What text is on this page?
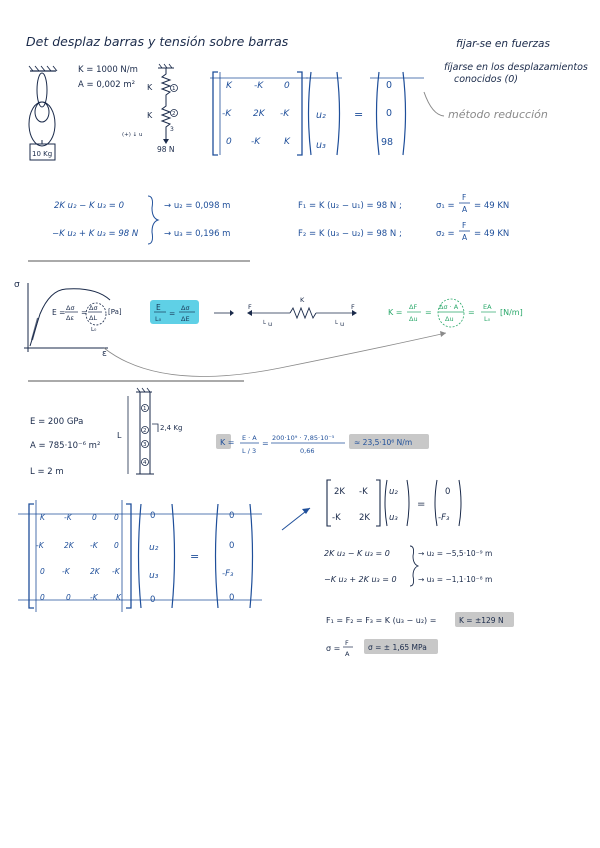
Det desplaz barras y tensión sobre barras	fijar-se en fuerzas
fíjarse en los desplazamientos
conocidos (0)
método reducción
10 Kg
K = 1000 N/m
A = 0,002 m² K
K
1
2
3
(+) ↓ u
98 N
K -K 0
-K 2K -K
0 -K	K
u₂
u₃
=
0
0
98
2K u₂ − K u₃ = 0
−K u₂ + K u₃ = 98 N
→ u₂ = 0,098 m
→ u₃ = 0,196 m
F₁ = K (u₂ − u₁) = 98 N ;
F₂ = K (u₃ − u₂) = 98 N ;
σ₁ =
F
A = 49 KN
σ₂ =
F
A = 49 KN
σ
ε
E = Δσ
Δε
= Δσ
ΔL
L₀
[Pa]	E
L₀
=
Δσ
ΔE
F	F
K
└ u	└ u
K =
ΔF
Δu
=
Δσ · A
Δu
=
EA
L₀
[N/m]
E = 200 GPa
A = 785·10⁻⁶ m²
L = 2 m
L
1
2
3
4
2,4 Kg
K = E · A
L / 3
=
200·10⁹ · 7,85·10⁻⁵
0,66
≈ 23,5·10⁶ N/m
K	-K	0 0
-K	2K -K 0
0 -K	2K -K
0	0	-K K
0
u₂
u₃
0
=
0
0
-F₃
0
2K -K
-K 2K
u₂
u₃
=
0
-F₃
2K u₂ − K u₃ = 0
−K u₂ + 2K u₃ = 0
→ u₂ = −5,5·10⁻⁹ m
→ u₃ = −1,1·10⁻⁸ m
F₁ = F₂ = F₃ = K (u₃ − u₂) =	K = ±129 N
σ =
F
A
σ = ± 1,65 MPa
